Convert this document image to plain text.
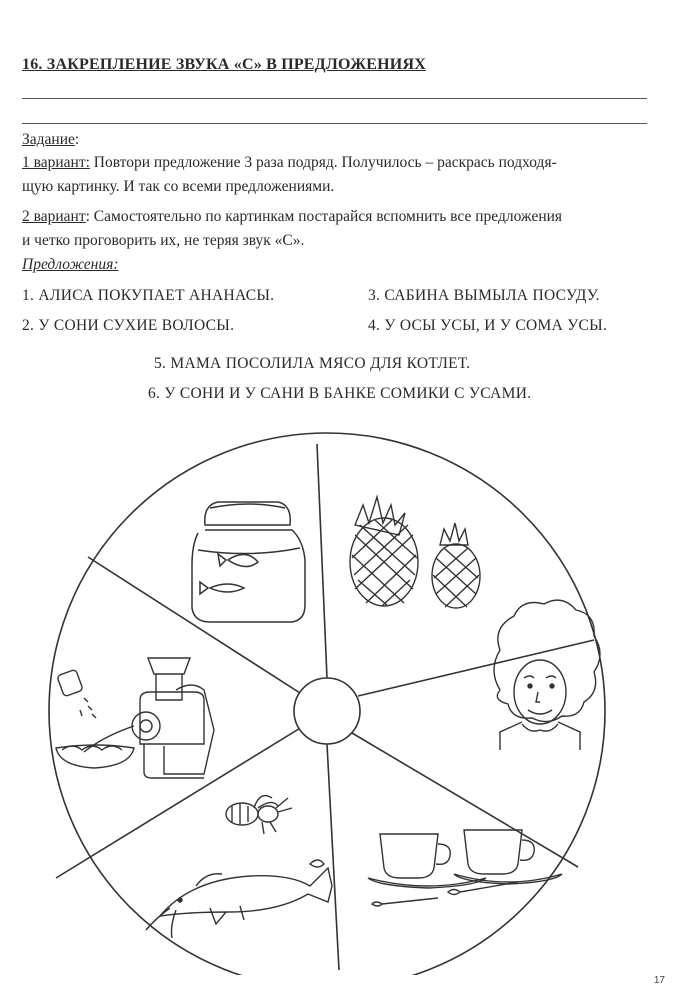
16. ЗАКРЕПЛЕНИЕ ЗВУКА «С» В ПРЕДЛОЖЕНИЯХ
Задание:
1 вариант: Повтори предложение 3 раза подряд. Получилось – раскрась подходя-
щую картинку. И так со всеми предложениями.
2 вариант: Самостоятельно по картинкам постарайся вспомнить все предложения
и четко проговорить их, не теряя звук «С».
Предложения:
1. АЛИСА ПОКУПАЕТ АНАНАСЫ.	3. САБИНА ВЫМЫЛА ПОСУДУ.
2. У СОНИ СУХИЕ ВОЛОСЫ.	4. У ОСЫ УСЫ, И У СОМА УСЫ.
5. МАМА ПОСОЛИЛА МЯСО ДЛЯ КОТЛЕТ.
6. У СОНИ И У САНИ В БАНКЕ СОМИКИ С УСАМИ.
17
